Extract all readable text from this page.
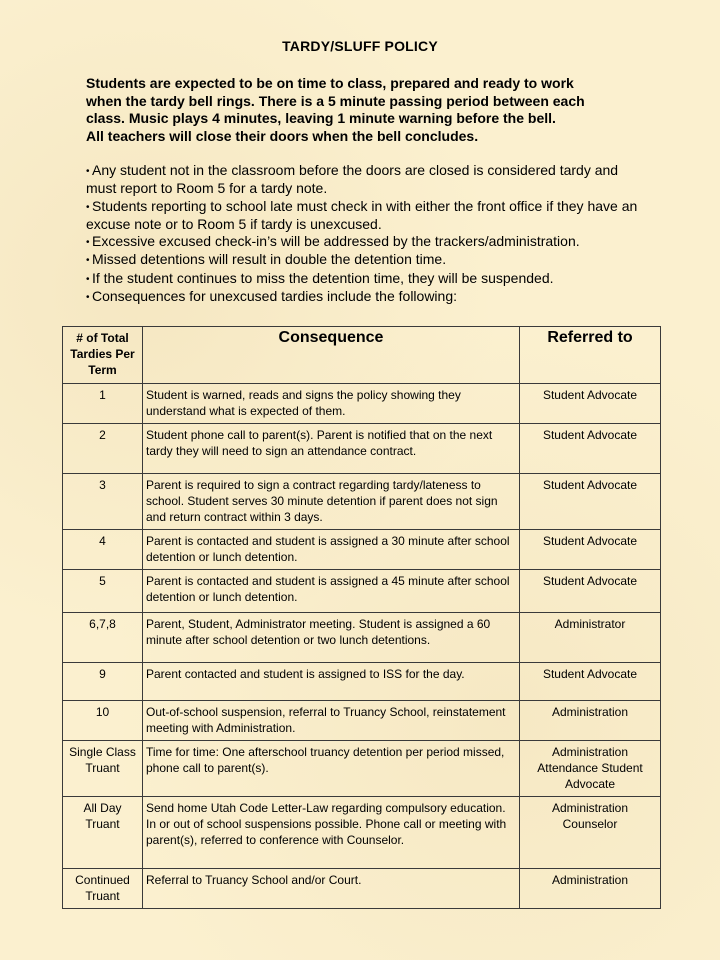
TARDY/SLUFF POLICY
Students are expected to be on time to class, prepared and ready to work
when the tardy bell rings. There is a 5 minute passing period between each
class. Music plays 4 minutes, leaving 1 minute warning before the bell.
All teachers will close their doors when the bell concludes.
• Any student not in the classroom before the doors are closed is considered tardy and must report to Room 5 for a tardy note.
• Students reporting to school late must check in with either the front office if they have an excuse note or to Room 5 if tardy is unexcused.
• Excessive excused check-in’s will be addressed by the trackers/administration.
• Missed detentions will result in double the detention time.
• If the student continues to miss the detention time, they will be suspended.
• Consequences for unexcused tardies include the following:
# of Total Tardies Per Term	Consequence	Referred to
1	Student is warned, reads and signs the policy showing they understand what is expected of them.	Student Advocate
2	Student phone call to parent(s). Parent is notified that on the next tardy they will need to sign an attendance contract.	Student Advocate
3	Parent is required to sign a contract regarding tardy/lateness to school. Student serves 30 minute detention if parent does not sign and return contract within 3 days.	Student Advocate
4	Parent is contacted and student is assigned a 30 minute after school detention or lunch detention.	Student Advocate
5	Parent is contacted and student is assigned a 45 minute after school detention or lunch detention.	Student Advocate
6,7,8	Parent, Student, Administrator meeting. Student is assigned a 60 minute after school detention or two lunch detentions.	Administrator
9	Parent contacted and student is assigned to ISS for the day.	Student Advocate
10	Out-of-school suspension, referral to Truancy School, reinstatement meeting with Administration.	Administration
Single Class Truant	Time for time: One afterschool truancy detention per period missed, phone call to parent(s).	Administration Attendance Student Advocate
All Day Truant	Send home Utah Code Letter-Law regarding compulsory education. In or out of school suspensions possible. Phone call or meeting with parent(s), referred to conference with Counselor.	Administration Counselor
Continued Truant	Referral to Truancy School and/or Court.	Administration
